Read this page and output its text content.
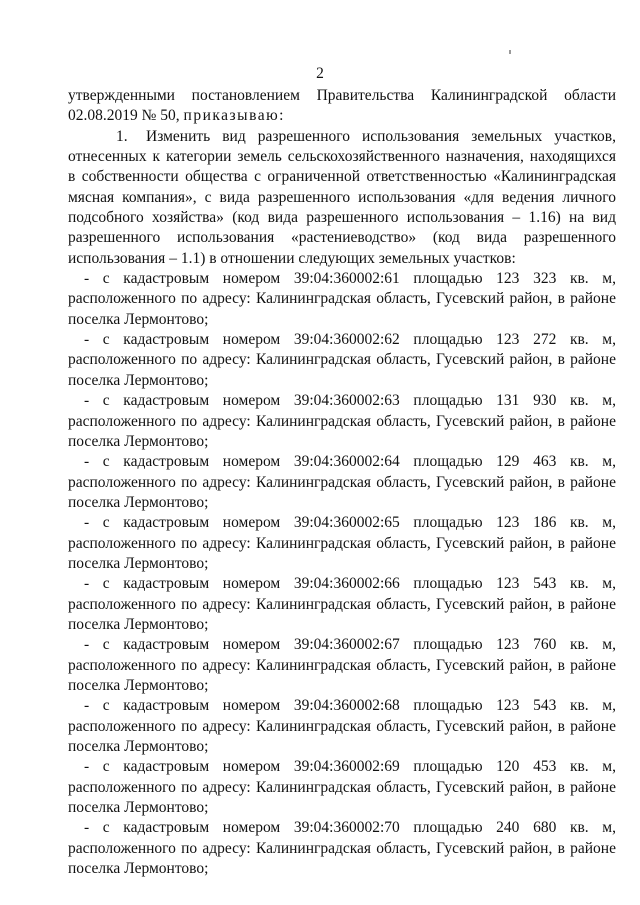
2
утвержденными постановлением Правительства Калининградской области
02.08.2019 № 50, приказываю:
1. Изменить вид разрешенного использования земельных участков,
отнесенных к категории земель сельскохозяйственного назначения, находящихся
в собственности общества с ограниченной ответственностью «Калининградская
мясная компания», с вида разрешенного использования «для ведения личного
подсобного хозяйства» (код вида разрешенного использования – 1.16) на вид
разрешенного использования «растениеводство» (код вида разрешенного
использования – 1.1) в отношении следующих земельных участков:
- с кадастровым номером 39:04:360002:61 площадью 123 323 кв. м,
расположенного по адресу: Калининградская область, Гусевский район, в районе
поселка Лермонтово;
- с кадастровым номером 39:04:360002:62 площадью 123 272 кв. м,
расположенного по адресу: Калининградская область, Гусевский район, в районе
поселка Лермонтово;
- с кадастровым номером 39:04:360002:63 площадью 131 930 кв. м,
расположенного по адресу: Калининградская область, Гусевский район, в районе
поселка Лермонтово;
- с кадастровым номером 39:04:360002:64 площадью 129 463 кв. м,
расположенного по адресу: Калининградская область, Гусевский район, в районе
поселка Лермонтово;
- с кадастровым номером 39:04:360002:65 площадью 123 186 кв. м,
расположенного по адресу: Калининградская область, Гусевский район, в районе
поселка Лермонтово;
- с кадастровым номером 39:04:360002:66 площадью 123 543 кв. м,
расположенного по адресу: Калининградская область, Гусевский район, в районе
поселка Лермонтово;
- с кадастровым номером 39:04:360002:67 площадью 123 760 кв. м,
расположенного по адресу: Калининградская область, Гусевский район, в районе
поселка Лермонтово;
- с кадастровым номером 39:04:360002:68 площадью 123 543 кв. м,
расположенного по адресу: Калининградская область, Гусевский район, в районе
поселка Лермонтово;
- с кадастровым номером 39:04:360002:69 площадью 120 453 кв. м,
расположенного по адресу: Калининградская область, Гусевский район, в районе
поселка Лермонтово;
- с кадастровым номером 39:04:360002:70 площадью 240 680 кв. м,
расположенного по адресу: Калининградская область, Гусевский район, в районе
поселка Лермонтово;
